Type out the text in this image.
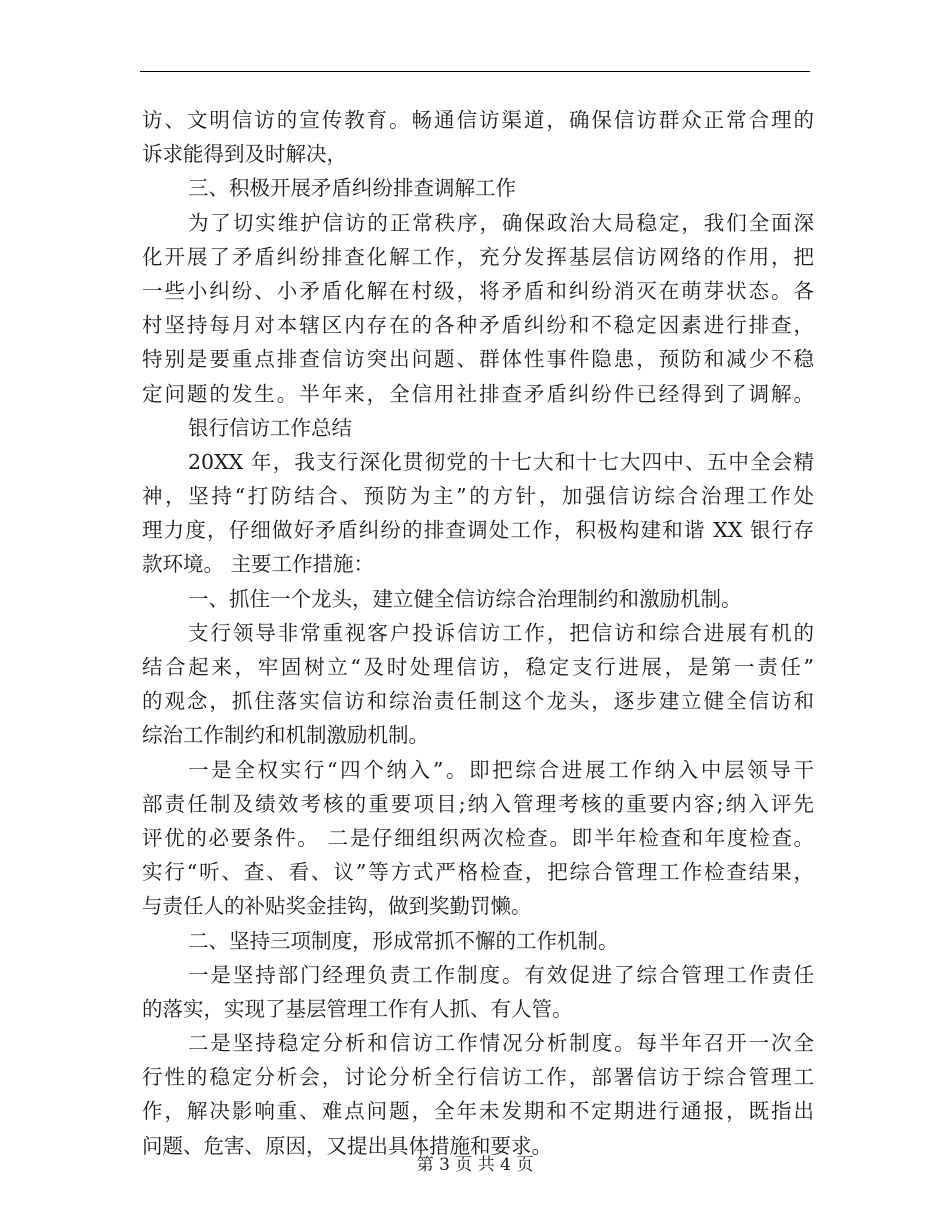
访、文明信访的宣传教育。畅通信访渠道，确保信访群众正常合理的
诉求能得到及时解决，
三、积极开展矛盾纠纷排查调解工作
为了切实维护信访的正常秩序，确保政治大局稳定，我们全面深
化开展了矛盾纠纷排查化解工作，充分发挥基层信访网络的作用，把
一些小纠纷、小矛盾化解在村级，将矛盾和纠纷消灭在萌芽状态。各
村坚持每月对本辖区内存在的各种矛盾纠纷和不稳定因素进行排查，
特别是要重点排查信访突出问题、群体性事件隐患，预防和减少不稳
定问题的发生。半年来，全信用社排查矛盾纠纷件已经得到了调解。
银行信访工作总结
20XX 年，我支行深化贯彻党的十七大和十七大四中、五中全会精
神，坚持“打防结合、预防为主”的方针，加强信访综合治理工作处
理力度，仔细做好矛盾纠纷的排查调处工作，积极构建和谐 XX 银行存
款环境。 主要工作措施：
一、抓住一个龙头，建立健全信访综合治理制约和激励机制。
支行领导非常重视客户投诉信访工作，把信访和综合进展有机的
结合起来，牢固树立“及时处理信访，稳定支行进展，是第一责任”
的观念，抓住落实信访和综治责任制这个龙头，逐步建立健全信访和
综治工作制约和机制激励机制。
一是全权实行“四个纳入”。即把综合进展工作纳入中层领导干
部责任制及绩效考核的重要项目;纳入管理考核的重要内容;纳入评先
评优的必要条件。 二是仔细组织两次检查。即半年检查和年度检查。
实行“听、查、看、议”等方式严格检查，把综合管理工作检查结果，
与责任人的补贴奖金挂钩，做到奖勤罚懒。
二、坚持三项制度，形成常抓不懈的工作机制。
一是坚持部门经理负责工作制度。有效促进了综合管理工作责任
的落实，实现了基层管理工作有人抓、有人管。
二是坚持稳定分析和信访工作情况分析制度。每半年召开一次全
行性的稳定分析会，讨论分析全行信访工作，部署信访于综合管理工
作，解决影响重、难点问题，全年未发期和不定期进行通报，既指出
问题、危害、原因，又提出具体措施和要求。
第 3 页 共 4 页
